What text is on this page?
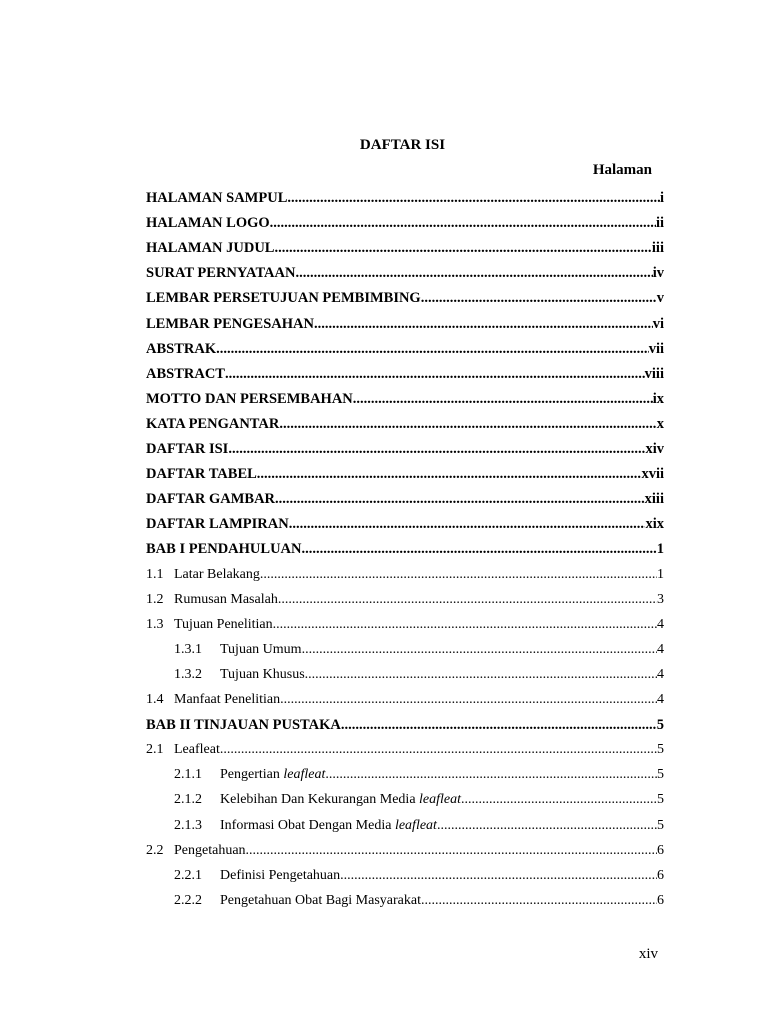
DAFTAR ISI
Halaman
HALAMAN SAMPUL .....	i
HALAMAN LOGO .....	ii
HALAMAN JUDUL .....	iii
SURAT PERNYATAAN .....	iv
LEMBAR PERSETUJUAN PEMBIMBING .....	v
LEMBAR PENGESAHAN .....	vi
ABSTRAK .....	vii
ABSTRACT .....	viii
MOTTO DAN PERSEMBAHAN .....	ix
KATA PENGANTAR .....	x
DAFTAR ISI .....	xiv
DAFTAR TABEL .....	xvii
DAFTAR GAMBAR .....	xiii
DAFTAR LAMPIRAN .....	xix
BAB I PENDAHULUAN .....	1
1.1 Latar Belakang .....	1
1.2 Rumusan Masalah .....	3
1.3 Tujuan Penelitian .....	4
1.3.1	Tujuan Umum .....	4
1.3.2	Tujuan Khusus .....	4
1.4 Manfaat Penelitian .....	4
BAB II TINJAUAN PUSTAKA .....	5
2.1 Leafleat .....	5
2.1.1	Pengertian leafleat .....	5
2.1.2	Kelebihan Dan Kekurangan Media leafleat .....	5
2.1.3	Informasi Obat Dengan Media leafleat .....	5
2.2 Pengetahuan .....	6
2.2.1	Definisi Pengetahuan .....	6
2.2.2	Pengetahuan Obat Bagi Masyarakat .....	6
xiv
